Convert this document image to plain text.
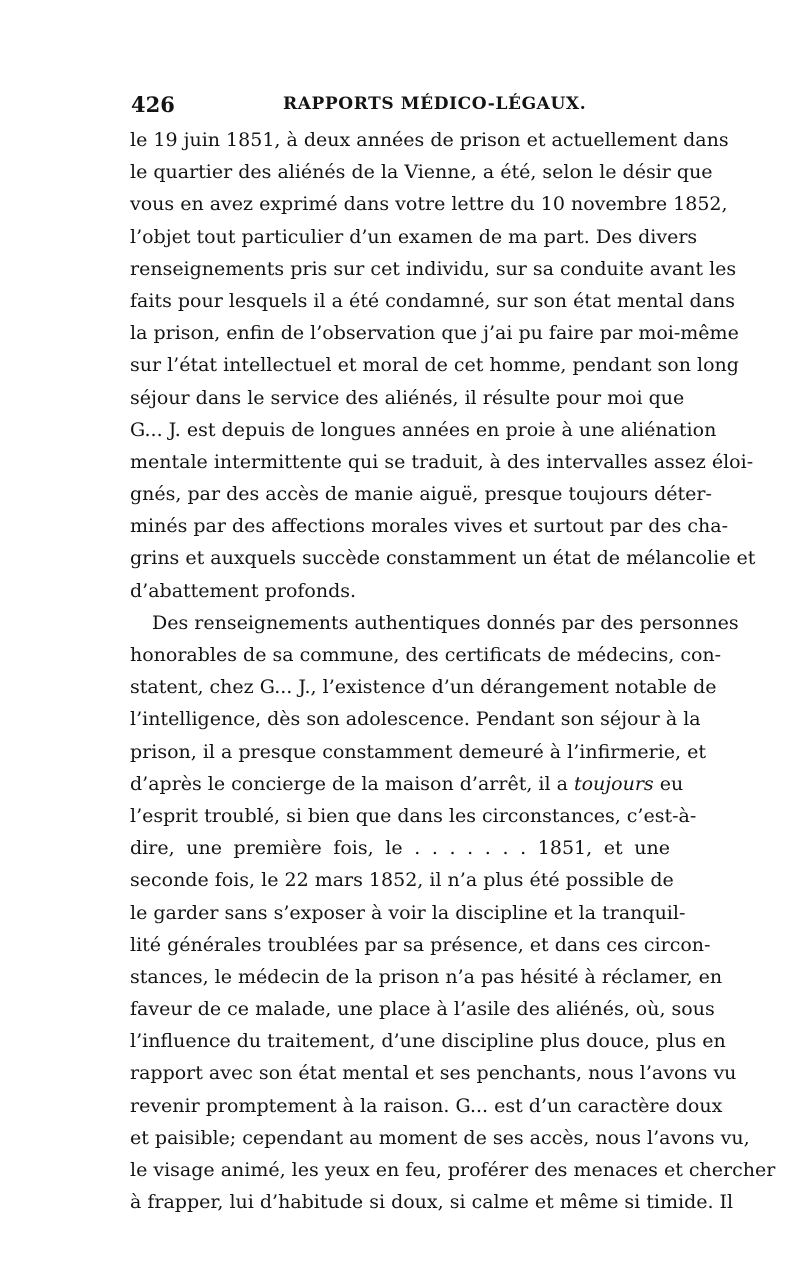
426	RAPPORTS MÉDICO-LÉGAUX.
le 19 juin 1851, à deux années de prison et actuellement dans
le quartier des aliénés de la Vienne, a été, selon le désir que
vous en avez exprimé dans votre lettre du 10 novembre 1852,
l’objet tout particulier d’un examen de ma part. Des divers
renseignements pris sur cet individu, sur sa conduite avant les
faits pour lesquels il a été condamné, sur son état mental dans
la prison, enfin de l’observation que j’ai pu faire par moi-même
sur l’état intellectuel et moral de cet homme, pendant son long
séjour dans le service des aliénés, il résulte pour moi que
G... J. est depuis de longues années en proie à une aliénation
mentale intermittente qui se traduit, à des intervalles assez éloi-
gnés, par des accès de manie aiguë, presque toujours déter-
minés par des affections morales vives et surtout par des cha-
grins et auxquels succède constamment un état de mélancolie et
d’abattement profonds.
Des renseignements authentiques donnés par des personnes
honorables de sa commune, des certificats de médecins, con-
statent, chez G... J., l’existence d’un dérangement notable de
l’intelligence, dès son adolescence. Pendant son séjour à la
prison, il a presque constamment demeuré à l’infirmerie, et
d’après le concierge de la maison d’arrêt, il a toujours eu
l’esprit troublé, si bien que dans les circonstances, c’est-à-
dire, une première fois, le . . . . . . . 1851, et une
seconde fois, le 22 mars 1852, il n’a plus été possible de
le garder sans s’exposer à voir la discipline et la tranquil-
lité générales troublées par sa présence, et dans ces circon-
stances, le médecin de la prison n’a pas hésité à réclamer, en
faveur de ce malade, une place à l’asile des aliénés, où, sous
l’influence du traitement, d’une discipline plus douce, plus en
rapport avec son état mental et ses penchants, nous l’avons vu
revenir promptement à la raison. G... est d’un caractère doux
et paisible; cependant au moment de ses accès, nous l’avons vu,
le visage animé, les yeux en feu, proférer des menaces et chercher
à frapper, lui d’habitude si doux, si calme et même si timide. Il
